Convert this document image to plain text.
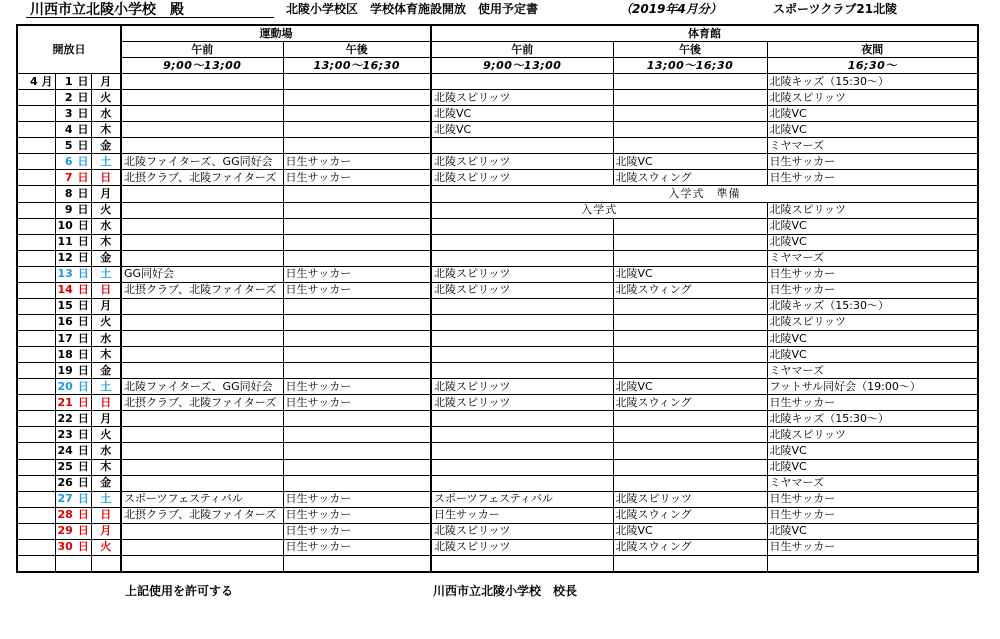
川西市立北陵小学校　殿	北陵小学校区　学校体育施設開放　使用予定書	（2019年4月分）	スポーツクラブ21北陵
開放日			運動場		体育館		
			午前	午後	午前	午後	夜間
			9;00～13;00	13;00～16;30	9;00～13;00	13;00～16;30	16;30～
4 月	1 日	月					北陵キッズ（15:30～）
	2 日	火			北陵スピリッツ		北陵スピリッツ
	3 日	水			北陵VC		北陵VC
	4 日	木			北陵VC		北陵VC
	5 日	金					ミヤマーズ
	6 日	土	北陵ファイターズ、GG同好会	日生サッカー	北陵スピリッツ	北陵VC	日生サッカー
	7 日	日	北摂クラブ、北陵ファイターズ	日生サッカー	北陵スピリッツ	北陵スウィング	日生サッカー
	8 日	月			入学式　準備		
	9 日	火			入学式		北陵スピリッツ
	10 日	水					北陵VC
	11 日	木					北陵VC
	12 日	金					ミヤマーズ
	13 日	土	GG同好会	日生サッカー	北陵スピリッツ	北陵VC	日生サッカー
	14 日	日	北摂クラブ、北陵ファイターズ	日生サッカー	北陵スピリッツ	北陵スウィング	日生サッカー
	15 日	月					北陵キッズ（15:30～）
	16 日	火					北陵スピリッツ
	17 日	水					北陵VC
	18 日	木					北陵VC
	19 日	金					ミヤマーズ
	20 日	土	北陵ファイターズ、GG同好会	日生サッカー	北陵スピリッツ	北陵VC	フットサル同好会（19:00～）
	21 日	日	北摂クラブ、北陵ファイターズ	日生サッカー	北陵スピリッツ	北陵スウィング	日生サッカー
	22 日	月					北陵キッズ（15:30～）
	23 日	火					北陵スピリッツ
	24 日	水					北陵VC
	25 日	木					北陵VC
	26 日	金					ミヤマーズ
	27 日	土	スポーツフェスティバル	日生サッカー	スポーツフェスティバル	北陵スピリッツ	日生サッカー
	28 日	日	北摂クラブ、北陵ファイターズ	日生サッカー	日生サッカー	北陵スウィング	日生サッカー
	29 日	月		日生サッカー	北陵スピリッツ	北陵VC	北陵VC
	30 日	火		日生サッカー	北陵スピリッツ	北陵スウィング	日生サッカー

上記使用を許可する	川西市立北陵小学校　校長
